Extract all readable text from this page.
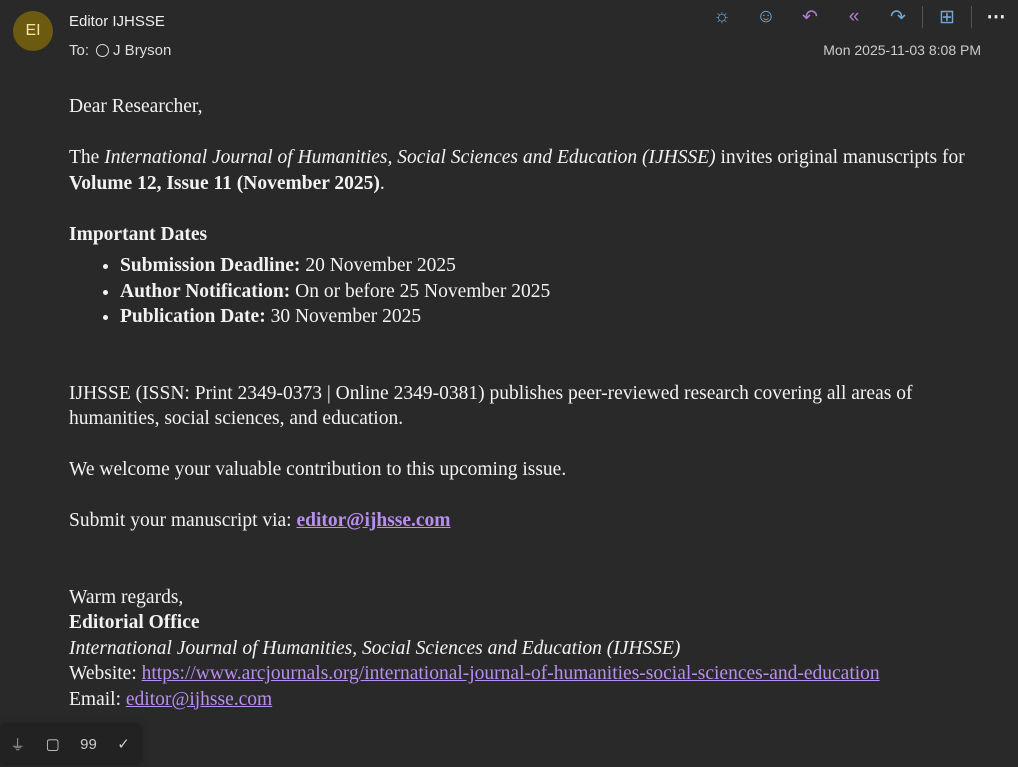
EI
Editor IJHSSE
To: J Bryson	Mon 2025-11-03 8:08 PM
☼	☺	↶	«	↷	⊞	⋯

Dear Researcher,

The International Journal of Humanities, Social Sciences and Education (IJHSSE) invites original manuscripts for Volume 12, Issue 11 (November 2025).

Important Dates

• Submission Deadline: 20 November 2025
• Author Notification: On or before 25 November 2025
• Publication Date: 30 November 2025

IJHSSE (ISSN: Print 2349-0373 | Online 2349-0381) publishes peer-reviewed research covering all areas of humanities, social sciences, and education.

We welcome your valuable contribution to this upcoming issue.

Submit your manuscript via: editor@ijhsse.com

Warm regards,
Editorial Office
International Journal of Humanities, Social Sciences and Education (IJHSSE)
Website: https://www.arcjournals.org/international-journal-of-humanities-social-sciences-and-education
Email: editor@ijhsse.com
⏚ ▢ 99 ✓
